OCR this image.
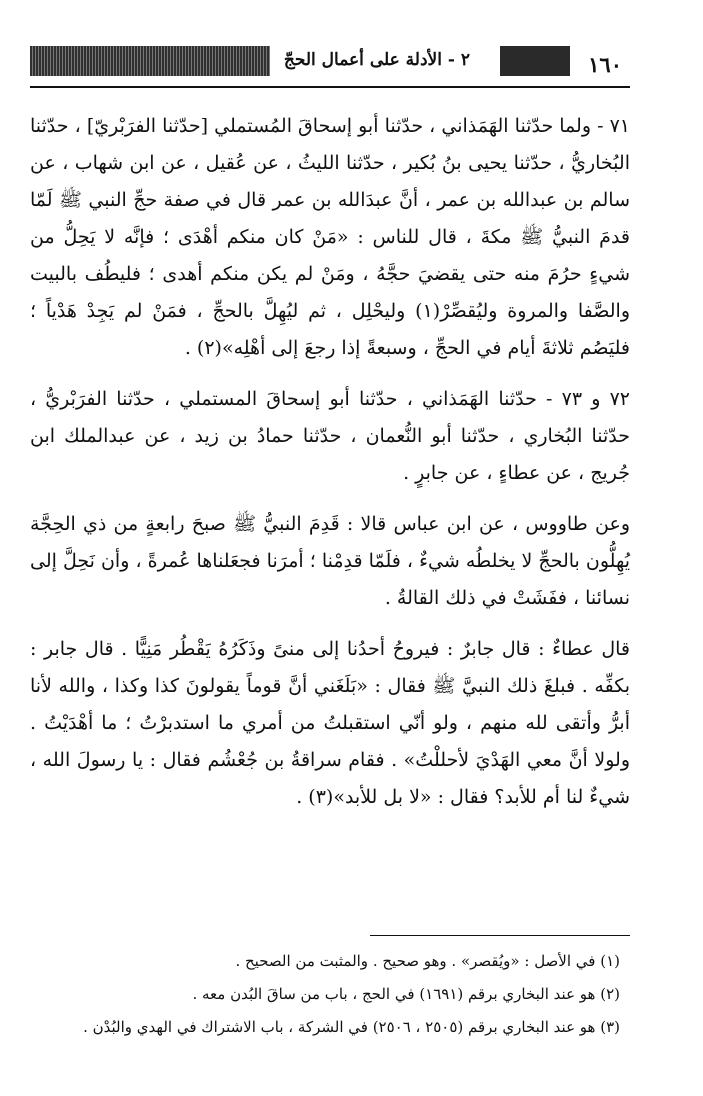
١٦٠
٢ - الأدلة على أعمال الحجّ

٧١ - ولما حدّثنا الهَمَذاني ، حدّثنا أبو إسحاقَ المُستملي [حدّثنا الفرَبْريّ] ، حدّثنا البُخاريُّ ، حدّثنا يحيى بنُ بُكير ، حدّثنا الليثُ ، عن عُقيل ، عن ابن شهاب ، عن سالم بن عبدالله بن عمر ، أنَّ عبدَالله بن عمر قال في صفة حجِّ النبي ﷺ لَمّا قدمَ النبيُّ ﷺ مكةَ ، قال للناس : «مَنْ كان منكم أهْدَى ؛ فإنَّه لا يَحِلُّ من شيءٍ حرُمَ منه حتى يقضيَ حجَّهُ ، ومَنْ لم يكن منكم أهدى ؛ فليطُف بالبيت والصَّفا والمروة وليُقصِّرْ(١) وليحْلِل ، ثم ليُهِلَّ بالحجِّ ، فمَنْ لم يَجِدْ هَدْياً ؛ فليَصُم ثلاثةَ أيام في الحجِّ ، وسبعةً إذا رجعَ إلى أهْلِه»(٢) .

٧٢ و ٧٣ - حدّثنا الهَمَذاني ، حدّثنا أبو إسحاقَ المستملي ، حدّثنا الفرَبْريُّ ، حدّثنا البُخاري ، حدّثنا أبو النُّعمان ، حدّثنا حمادُ بن زيد ، عن عبدالملك ابن جُريج ، عن عطاءٍ ، عن جابرٍ .

وعن طاووس ، عن ابن عباس قالا : قَدِمَ النبيُّ ﷺ صبحَ رابعةٍ من ذي الحِجَّة يُهِلُّون بالحجِّ لا يخلطُه شيءٌ ، فلَمّا قدِمْنا ؛ أمرَنا فجعَلناها عُمرةً ، وأن نَحِلَّ إلى نسائنا ، ففَشَتْ في ذلك القالةُ .

قال عطاءٌ : قال جابرٌ : فيروحُ أحدُنا إلى منىً وذَكَرُهُ يَقْطُر مَنِيًّا . قال جابر : بكفِّه . فبلغَ ذلك النبيَّ ﷺ فقال : «بَلَغَني أنَّ قوماً يقولونَ كذا وكذا ، والله لأنا أبرُّ وأتقى لله منهم ، ولو أنّي استقبلتُ من أمري ما استدبرْتُ ؛ ما أهْدَيْتُ . ولولا أنَّ معي الهَدْيَ لأحللْتُ» . فقام سراقةُ بن جُعْشُم فقال : يا رسولَ الله ، شيءٌ لنا أم للأبد؟ فقال : «لا بل للأبد»(٣) .

(١) في الأصل : «ويُقصر» . وهو صحيح . والمثبت من الصحيح .

(٢) هو عند البخاري برقم (١٦٩١) في الحج ، باب من ساقَ البُدن معه .

(٣) هو عند البخاري برقم (٢٥٠٥ ، ٢٥٠٦) في الشركة ، باب الاشتراك في الهدي والبُدْن .
